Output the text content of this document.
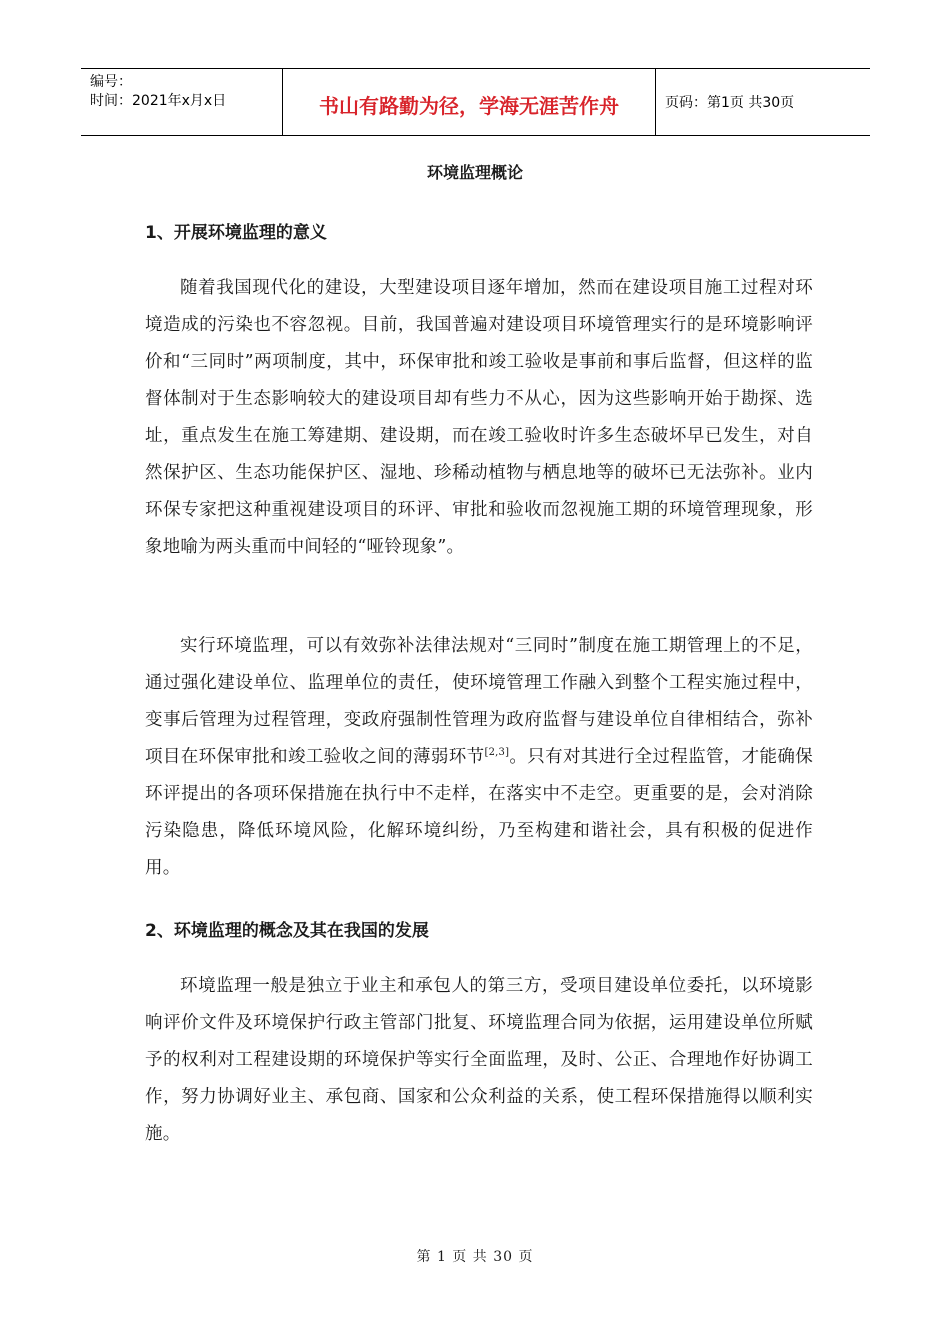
编号：
时间：2021年x月x日	书山有路勤为径，学海无涯苦作舟	页码：第1页 共30页
环境监理概论
1、开展环境监理的意义

随着我国现代化的建设，大型建设项目逐年增加，然而在建设项目施工过程对环境造成的污染也不容忽视。目前，我国普遍对建设项目环境管理实行的是环境影响评价和“三同时”两项制度，其中，环保审批和竣工验收是事前和事后监督，但这样的监督体制对于生态影响较大的建设项目却有些力不从心，因为这些影响开始于勘探、选址，重点发生在施工筹建期、建设期，而在竣工验收时许多生态破坏早已发生，对自然保护区、生态功能保护区、湿地、珍稀动植物与栖息地等的破坏已无法弥补。业内环保专家把这种重视建设项目的环评、审批和验收而忽视施工期的环境管理现象，形象地喻为两头重而中间轻的“哑铃现象”。

实行环境监理，可以有效弥补法律法规对“三同时”制度在施工期管理上的不足，通过强化建设单位、监理单位的责任，使环境管理工作融入到整个工程实施过程中，变事后管理为过程管理，变政府强制性管理为政府监督与建设单位自律相结合，弥补项目在环保审批和竣工验收之间的薄弱环节[2,3]。只有对其进行全过程监管，才能确保环评提出的各项环保措施在执行中不走样，在落实中不走空。更重要的是，会对消除污染隐患，降低环境风险，化解环境纠纷，乃至构建和谐社会，具有积极的促进作用。

2、环境监理的概念及其在我国的发展

环境监理一般是独立于业主和承包人的第三方，受项目建设单位委托，以环境影响评价文件及环境保护行政主管部门批复、环境监理合同为依据，运用建设单位所赋予的权利对工程建设期的环境保护等实行全面监理，及时、公正、合理地作好协调工作，努力协调好业主、承包商、国家和公众利益的关系，使工程环保措施得以顺利实施。

第 1 页 共 30 页
